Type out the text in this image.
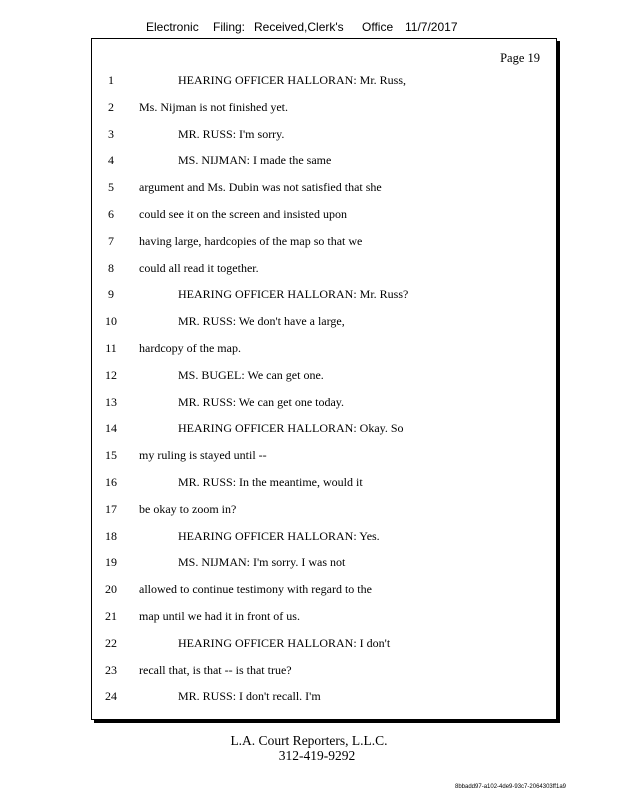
Electronic Filing: Received,Clerk's Office 11/7/2017
Page 19
1	HEARING OFFICER HALLORAN: Mr. Russ,
2	Ms. Nijman is not finished yet.
3	MR. RUSS: I'm sorry.
4	MS. NIJMAN: I made the same
5	argument and Ms. Dubin was not satisfied that she
6	could see it on the screen and insisted upon
7	having large, hardcopies of the map so that we
8	could all read it together.
9	HEARING OFFICER HALLORAN: Mr. Russ?
10	MR. RUSS: We don't have a large,
11	hardcopy of the map.
12	MS. BUGEL: We can get one.
13	MR. RUSS: We can get one today.
14	HEARING OFFICER HALLORAN: Okay. So
15	my ruling is stayed until --
16	MR. RUSS: In the meantime, would it
17	be okay to zoom in?
18	HEARING OFFICER HALLORAN: Yes.
19	MS. NIJMAN: I'm sorry. I was not
20	allowed to continue testimony with regard to the
21	map until we had it in front of us.
22	HEARING OFFICER HALLORAN: I don't
23	recall that, is that -- is that true?
24	MR. RUSS: I don't recall. I'm
L.A. Court Reporters, L.L.C.
312-419-9292
8bbadd97-a102-4de9-93c7-2064303ff1a9
